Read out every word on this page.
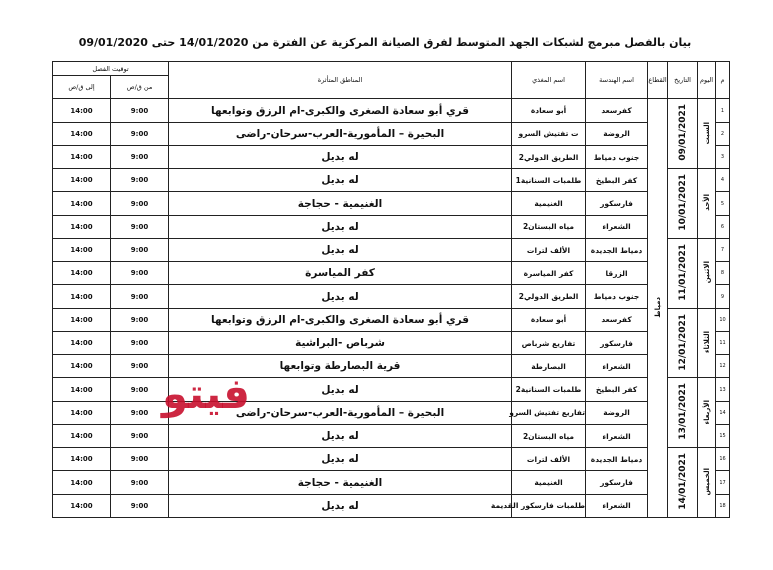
بيان بالفصل مبرمج لشبكات الجهد المتوسط لفرق الصيانة المركزية عن الفترة من 14/01/2020 حتى 09/01/2020
م	اليوم	التاريخ	القطاع	اسم الهندسة	اسم المغذي	المناطق المتأثرة	توقيت الفصل	
							من ق/ص	إلى ق/ص
1	السبت	09/01/2021	دمياط	كفرسعد	أبو سعادة	قري أبو سعادة الصغرى والكبرى-ام الرزق وتوابعها	9:00	14:00
2				الروضة	ت تفتيش السرو	البحيرة – المأمورية-العرب-سرحان-راضى	9:00	14:00
3				جنوب دمياط	الطريق الدولي2	له بديل	9:00	14:00
4	الأحد	10/01/2021		كفر البطيخ	طلمبات السنانية1	له بديل	9:00	14:00
5				فارسكور	الغنيمية	الغنيمية - حجاجة	9:00	14:00
6				الشعراء	مياه البستان2	له بديل	9:00	14:00
7	الاثنين	11/01/2021		دمياط الجديدة	الألف لترات	له بديل	9:00	14:00
8				الزرقا	كفر المياسرة	كفر المياسرة	9:00	14:00
9				جنوب دمياط	الطريق الدولي2	له بديل	9:00	14:00
10	الثلاثاء	12/01/2021		كفرسعد	أبو سعادة	قري أبو سعادة الصغرى والكبرى-ام الرزق وتوابعها	9:00	14:00
11				فارسكور	تفاريع شرباص	شرباص -البراشية	9:00	14:00
12				الشعراء	البصارطة	قرية البصارطة وتوابعها	9:00	14:00
13	الأربعاء	13/01/2021		كفر البطيخ	طلمبات السنانية2	له بديل	9:00	14:00
14				الروضة	تفاريع تفتيش السرو	البحيرة – المأمورية-العرب-سرحان-راضى	9:00	14:00
15				الشعراء	مياه البستان2	له بديل	9:00	14:00
16	الخميس	14/01/2021		دمياط الجديدة	الألف لترات	له بديل	9:00	14:00
17				فارسكور	الغنيمية	الغنيمية - حجاجة	9:00	14:00
18				الشعراء	طلمبات فارسكور القديمة	له بديل	9:00	14:00
فيتو
